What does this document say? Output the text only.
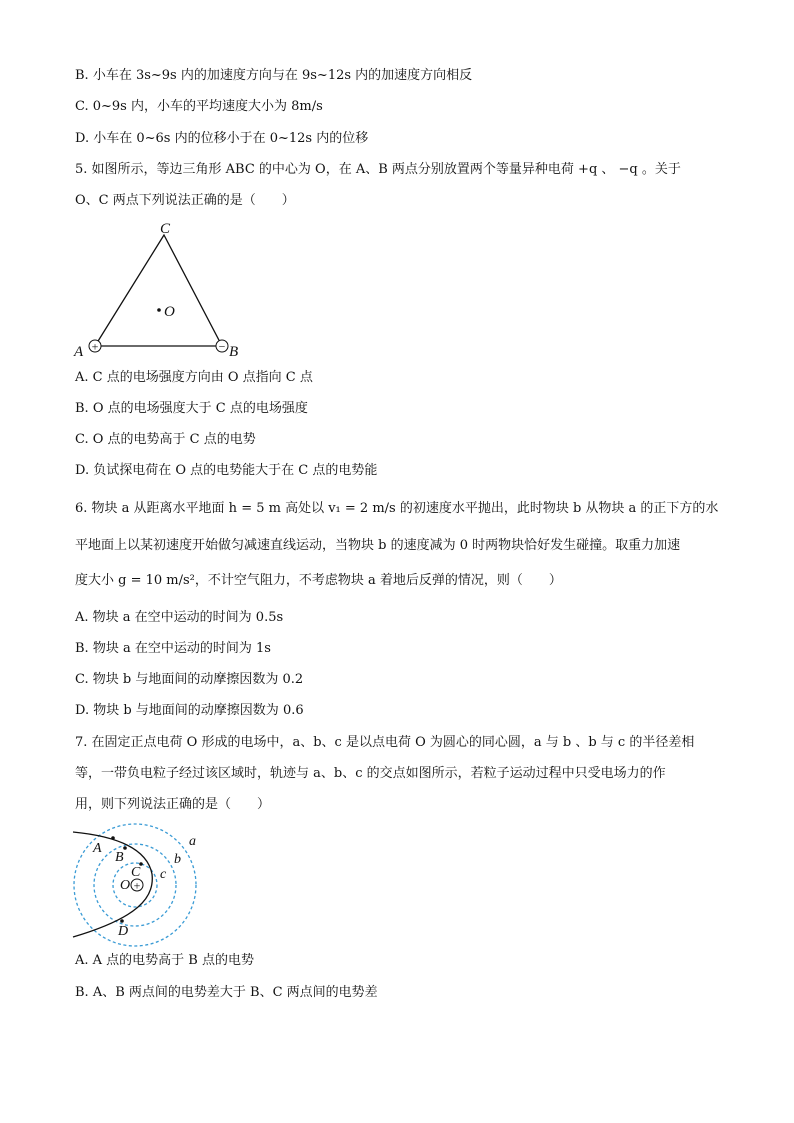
B. 小车在 3s~9s 内的加速度方向与在 9s~12s 内的加速度方向相反
C. 0~9s 内，小车的平均速度大小为 8m/s
D. 小车在 0~6s 内的位移小于在 0~12s 内的位移
5. 如图所示，等边三角形 ABC 的中心为 O，在 A、B 两点分别放置两个等量异种电荷 +q 、 −q 。关于
O、C 两点下列说法正确的是（　　）
+	−
O
C
A	B
A. C 点的电场强度方向由 O 点指向 C 点
B. O 点的电场强度大于 C 点的电场强度
C. O 点的电势高于 C 点的电势
D. 负试探电荷在 O 点的电势能大于在 C 点的电势能
6. 物块 a 从距离水平地面 h = 5 m 高处以 v₁ = 2 m/s 的初速度水平抛出，此时物块 b 从物块 a 的正下方的水
平地面上以某初速度开始做匀减速直线运动，当物块 b 的速度减为 0 时两物块恰好发生碰撞。取重力加速
度大小 g = 10 m/s²，不计空气阻力，不考虑物块 a 着地后反弹的情况，则（　　）
A. 物块 a 在空中运动的时间为 0.5s
B. 物块 a 在空中运动的时间为 1s
C. 物块 b 与地面间的动摩擦因数为 0.2
D. 物块 b 与地面间的动摩擦因数为 0.6
7. 在固定正点电荷 O 形成的电场中，a、b、c 是以点电荷 O 为圆心的同心圆，a 与 b 、b 与 c 的半径差相
等，一带负电粒子经过该区域时，轨迹与 a、b、c 的交点如图所示，若粒子运动过程中只受电场力的作
用，则下列说法正确的是（　　）
+
O
A
B
C
D
a
b
c
A. A 点的电势高于 B 点的电势
B. A、B 两点间的电势差大于 B、C 两点间的电势差
